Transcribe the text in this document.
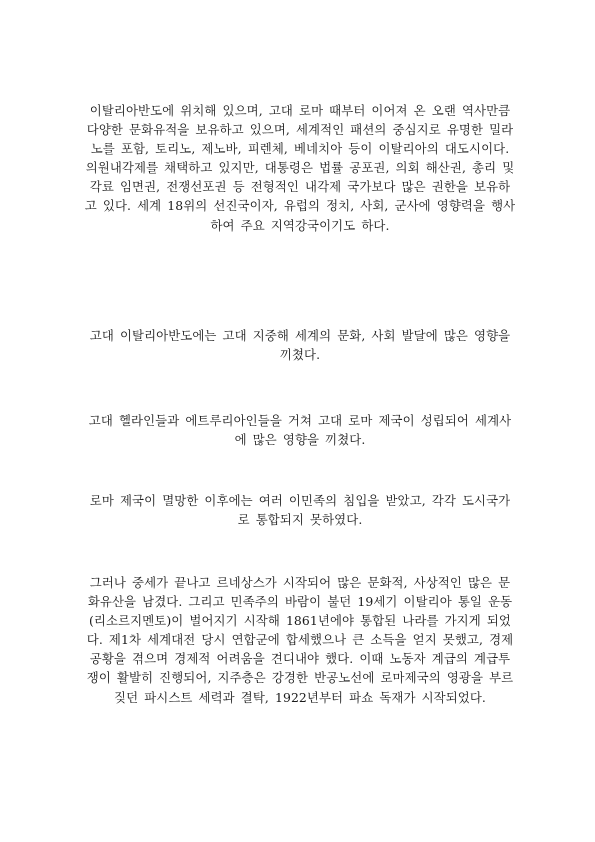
이탈리아반도에 위치해 있으며, 고대 로마 때부터 이어져 온 오랜 역사만큼 다양한 문화유적을 보유하고 있으며, 세계적인 패션의 중심지로 유명한 밀라노를 포함, 토리노, 제노바, 피렌체, 베네치아 등이 이탈리아의 대도시이다. 의원내각제를 채택하고 있지만, 대통령은 법률 공포권, 의회 해산권, 총리 및 각료 임면권, 전쟁선포권 등 전형적인 내각제 국가보다 많은 권한을 보유하고 있다. 세계 18위의 선진국이자, 유럽의 정치, 사회, 군사에 영향력을 행사하여 주요 지역강국이기도 하다.

고대 이탈리아반도에는 고대 지중해 세계의 문화, 사회 발달에 많은 영향을 끼쳤다.

고대 헬라인들과 에트루리아인들을 거쳐 고대 로마 제국이 성립되어 세계사에 많은 영향을 끼쳤다.

로마 제국이 멸망한 이후에는 여러 이민족의 침입을 받았고, 각각 도시국가로 통합되지 못하였다.

그러나 중세가 끝나고 르네상스가 시작되어 많은 문화적, 사상적인 많은 문화유산을 남겼다. 그리고 민족주의 바람이 불던 19세기 이탈리아 통일 운동(리소르지멘토)이 벌어지기 시작해 1861년에야 통합된 나라를 가지게 되었다. 제1차 세계대전 당시 연합군에 합세했으나 큰 소득을 얻지 못했고, 경제공황을 겪으며 경제적 어려움을 견디내야 했다. 이때 노동자 계급의 계급투쟁이 활발히 진행되어, 지주층은 강경한 반공노선에 로마제국의 영광을 부르짖던 파시스트 세력과 결탁, 1922년부터 파쇼 독재가 시작되었다.
